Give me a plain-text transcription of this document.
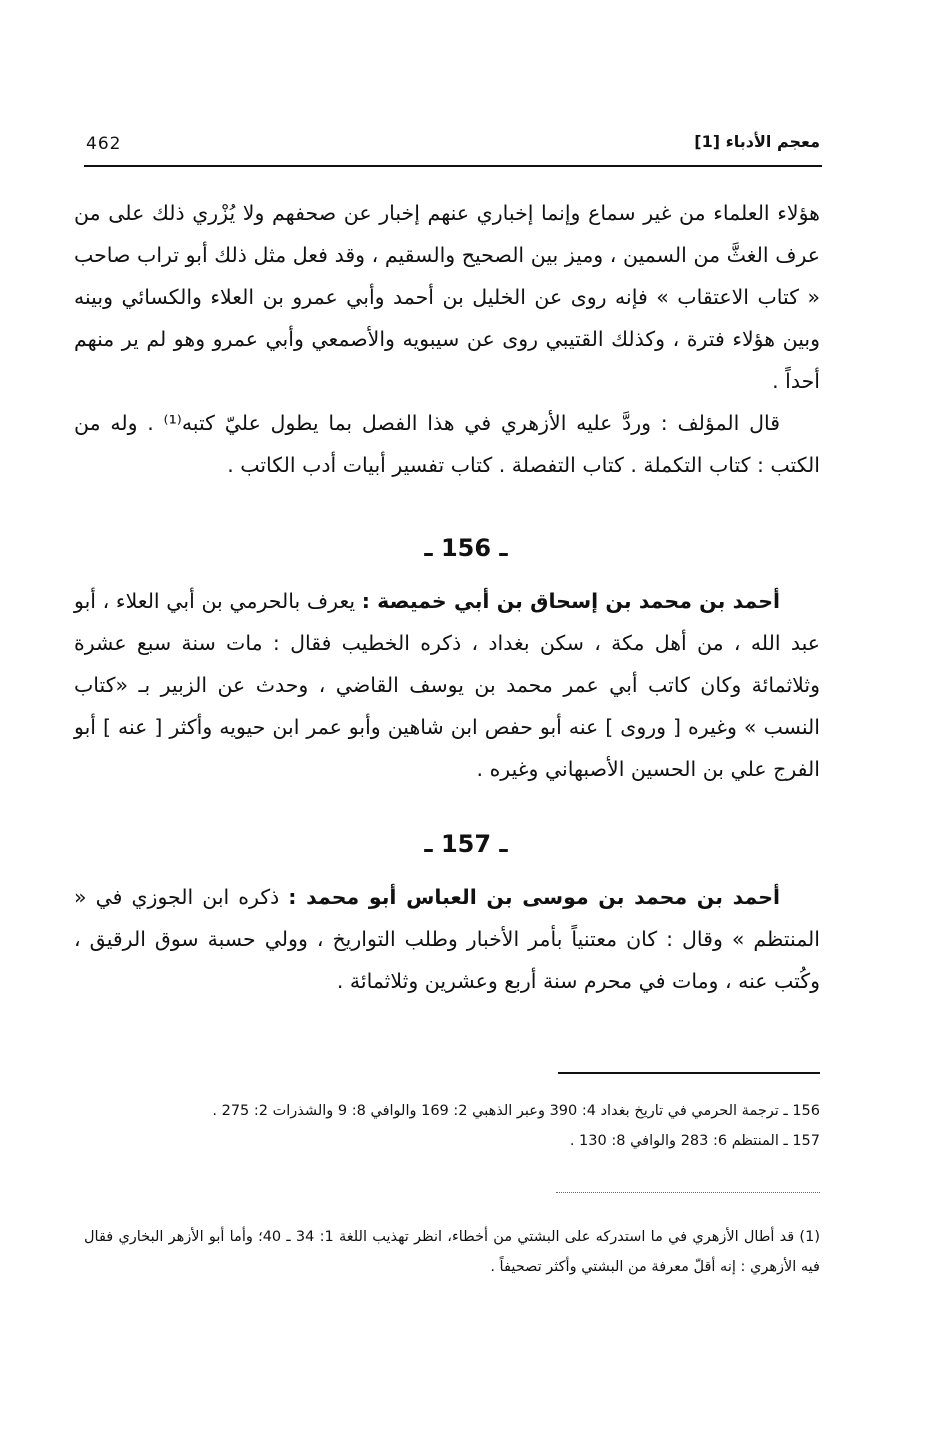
462	معجم الأدباء [1]
هؤلاء العلماء من غير سماع وإنما إخباري عنهم إخبار عن صحفهم ولا يُزْري ذلك على من عرف الغثَّ من السمين ، وميز بين الصحيح والسقيم ، وقد فعل مثل ذلك أبو تراب صاحب « كتاب الاعتقاب » فإنه روى عن الخليل بن أحمد وأبي عمرو بن العلاء والكسائي وبينه وبين هؤلاء فترة ، وكذلك القتيبي روى عن سيبويه والأصمعي وأبي عمرو وهو لم ير منهم أحداً .
قال المؤلف : وردَّ عليه الأزهري في هذا الفصل بما يطول عليّ كتبه⁽¹⁾ . وله من الكتب : كتاب التكملة . كتاب التفصلة . كتاب تفسير أبيات أدب الكاتب .
ـ 156 ـ
أحمد بن محمد بن إسحاق بن أبي خميصة : يعرف بالحرمي بن أبي العلاء ، أبو عبد الله ، من أهل مكة ، سكن بغداد ، ذكره الخطيب فقال : مات سنة سبع عشرة وثلاثمائة وكان كاتب أبي عمر محمد بن يوسف القاضي ، وحدث عن الزبير بـ «كتاب النسب » وغيره [ وروى ] عنه أبو حفص ابن شاهين وأبو عمر ابن حيويه وأكثر [ عنه ] أبو الفرج علي بن الحسين الأصبهاني وغيره .
ـ 157 ـ
أحمد بن محمد بن موسى بن العباس أبو محمد : ذكره ابن الجوزي في « المنتظم » وقال : كان معتنياً بأمر الأخبار وطلب التواريخ ، وولي حسبة سوق الرقيق ، وكُتب عنه ، ومات في محرم سنة أربع وعشرين وثلاثمائة .
156 ـ ترجمة الحرمي في تاريخ بغداد 4: 390 وعبر الذهبي 2: 169 والوافي 8: 9 والشذرات 2: 275 .
157 ـ المنتظم 6: 283 والوافي 8: 130 .
(1) قد أطال الأزهري في ما استدركه على البشتي من أخطاء، انظر تهذيب اللغة 1: 34 ـ 40؛ وأما أبو الأزهر البخاري فقال فيه الأزهري : إنه أقلّ معرفة من البشتي وأكثر تصحيفاً .
